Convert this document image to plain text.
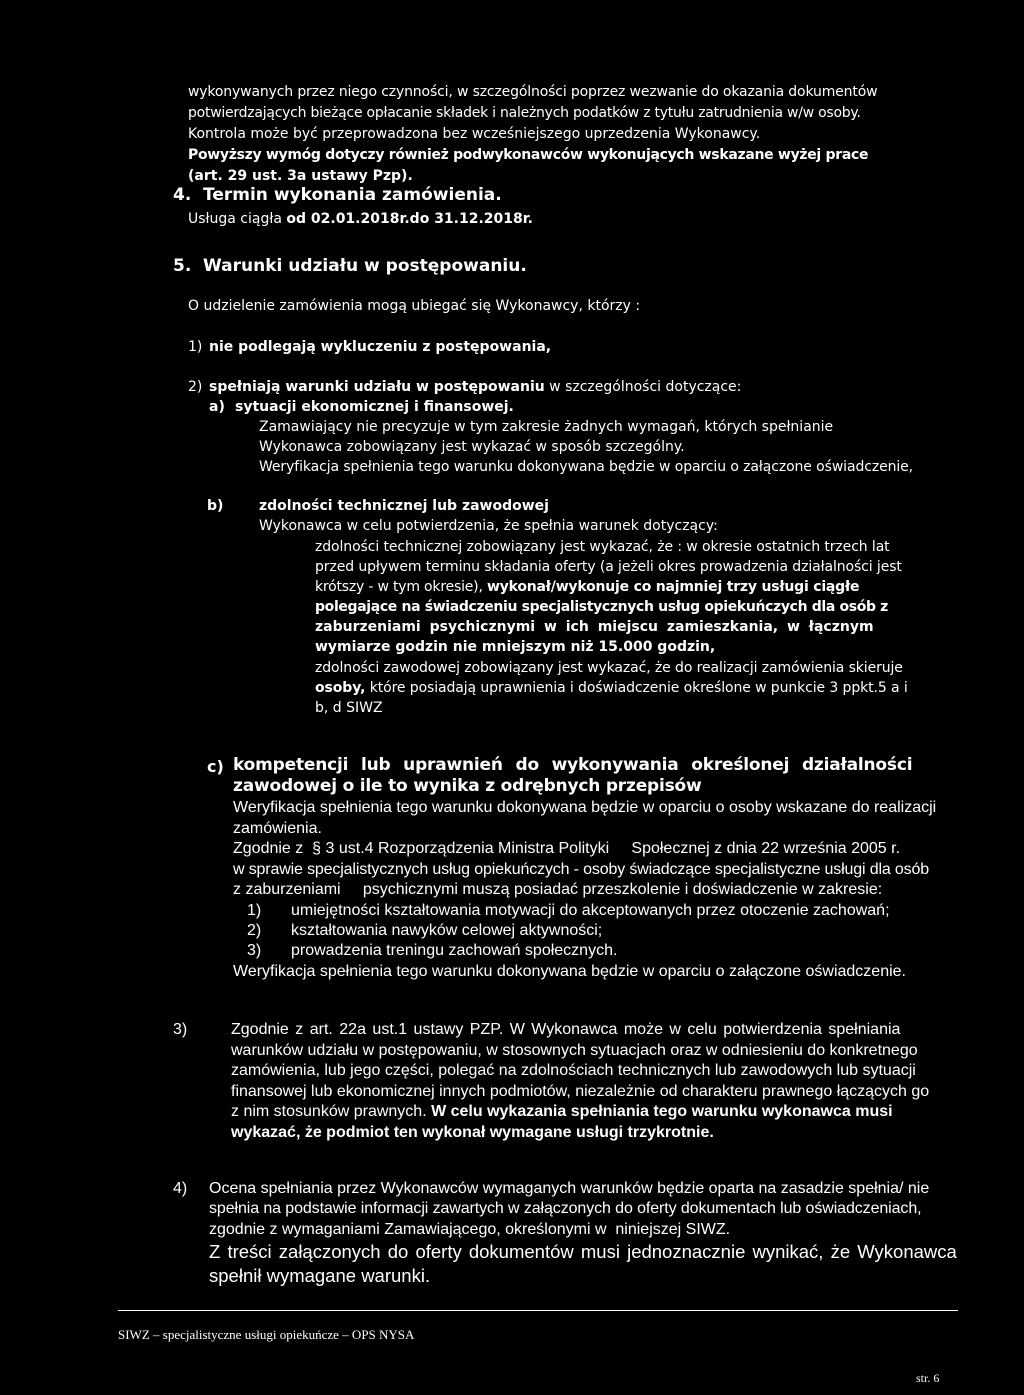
wykonywanych przez niego czynności, w szczególności poprzez wezwanie do okazania dokumentów
potwierdzających bieżące opłacanie składek i należnych podatków z tytułu zatrudnienia w/w osoby.
Kontrola może być przeprowadzona bez wcześniejszego uprzedzenia Wykonawcy.
Powyższy wymóg dotyczy również podwykonawców wykonujących wskazane wyżej prace
(art. 29 ust. 3a ustawy Pzp).
4. Termin wykonania zamówienia.
Usługa ciągła od 02.01.2018r.do 31.12.2018r.
5. Warunki udziału w postępowaniu.
O udzielenie zamówienia mogą ubiegać się Wykonawcy, którzy :
1) nie podlegają wykluczeniu z postępowania,
2) spełniają warunki udziału w postępowaniu w szczególności dotyczące:
a) sytuacji ekonomicznej i finansowej.
Zamawiający nie precyzuje w tym zakresie żadnych wymagań, których spełnianie
Wykonawca zobowiązany jest wykazać w sposób szczególny.
Weryfikacja spełnienia tego warunku dokonywana będzie w oparciu o załączone oświadczenie,
b)	zdolności technicznej lub zawodowej
Wykonawca w celu potwierdzenia, że spełnia warunek dotyczący:
zdolności technicznej zobowiązany jest wykazać, że : w okresie ostatnich trzech lat
przed upływem terminu składania oferty (a jeżeli okres prowadzenia działalności jest
krótszy - w tym okresie), wykonał/wykonuje co najmniej trzy usługi ciągłe
polegające na świadczeniu specjalistycznych usług opiekuńczych dla osób z
zaburzeniami psychicznymi w ich miejscu zamieszkania, w łącznym
wymiarze godzin nie mniejszym niż 15.000 godzin,
zdolności zawodowej zobowiązany jest wykazać, że do realizacji zamówienia skieruje
osoby, które posiadają uprawnienia i doświadczenie określone w punkcie 3 ppkt.5 a i
b, d SIWZ
c) kompetencji lub uprawnień do wykonywania określonej działalności
zawodowej o ile to wynika z odrębnych przepisów
Weryfikacja spełnienia tego warunku dokonywana będzie w oparciu o osoby wskazane do realizacji
zamówienia.
Zgodnie z  § 3 ust.4 Rozporządzenia Ministra Polityki     Społecznej z dnia 22 września 2005 r.
w sprawie specjalistycznych usług opiekuńczych - osoby świadczące specjalistyczne usługi dla osób
z zaburzeniami     psychicznymi muszą posiadać przeszkolenie i doświadczenie w zakresie:
1) umiejętności kształtowania motywacji do akceptowanych przez otoczenie zachowań;
2) kształtowania nawyków celowej aktywności;
3) prowadzenia treningu zachowań społecznych.
Weryfikacja spełnienia tego warunku dokonywana będzie w oparciu o załączone oświadczenie.
3)	Zgodnie z art. 22a ust.1 ustawy PZP. W Wykonawca może w celu potwierdzenia spełniania
warunków udziału w postępowaniu, w stosownych sytuacjach oraz w odniesieniu do konkretnego
zamówienia, lub jego części, polegać na zdolnościach technicznych lub zawodowych lub sytuacji
finansowej lub ekonomicznej innych podmiotów, niezależnie od charakteru prawnego łączących go
z nim stosunków prawnych. W celu wykazania spełniania tego warunku wykonawca musi
wykazać, że podmiot ten wykonał wymagane usługi trzykrotnie.
4) Ocena spełniania przez Wykonawców wymaganych warunków będzie oparta na zasadzie spełnia/ nie
spełnia na podstawie informacji zawartych w załączonych do oferty dokumentach lub oświadczeniach,
zgodnie z wymaganiami Zamawiającego, określonymi w  niniejszej SIWZ.
Z treści załączonych do oferty dokumentów musi jednoznacznie wynikać, że Wykonawca
spełnił wymagane warunki.
SIWZ – specjalistyczne usługi opiekuńcze – OPS NYSA
str. 6
